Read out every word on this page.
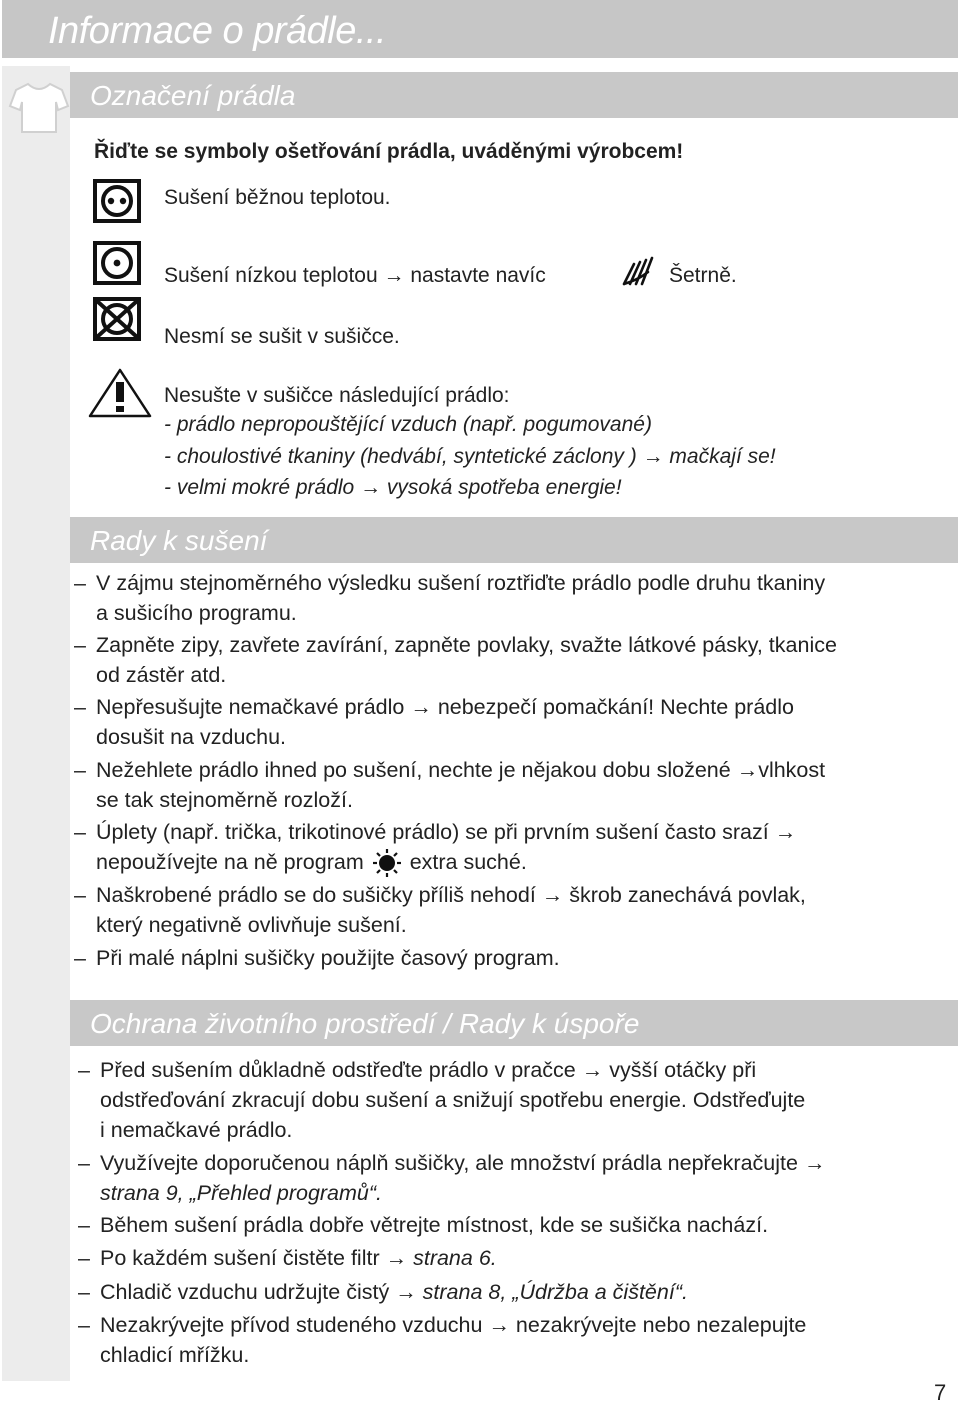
Informace o prádle...
Označení prádla
Řiďte se symboly ošetřování prádla, uváděnými výrobcem!
Sušení běžnou teplotou.
Sušení nízkou teplotou → nastavte navíc	Šetrně.
Nesmí se sušit v sušičce.
Nesušte v sušičce následující prádlo:
- prádlo nepropouštějící vzduch (např. pogumované)
- choulostivé tkaniny (hedvábí, syntetické záclony ) → mačkají se!
- velmi mokré prádlo → vysoká spotřeba energie!
Rady k sušení
– V zájmu stejnoměrného výsledku sušení roztřiďte prádlo podle druhu tkaniny
a sušicího programu.
– Zapněte zipy, zavřete zavírání, zapněte povlaky, svažte látkové pásky, tkanice
od zástěr atd.
– Nepřesušujte nemačkavé prádlo → nebezpečí pomačkání! Nechte prádlo
dosušit na vzduchu.
– Nežehlete prádlo ihned po sušení, nechte je nějakou dobu složené →vlhkost
se tak stejnoměrně rozloží.
– Úplety (např. trička, trikotinové prádlo) se při prvním sušení často srazí →
nepoužívejte na ně program extra suché.
– Naškrobené prádlo se do sušičky příliš nehodí → škrob zanechává povlak,
který negativně ovlivňuje sušení.
– Při malé náplni sušičky použijte časový program.
Ochrana životního prostředí / Rady k úspoře
– Před sušením důkladně odstřeďte prádlo v pračce → vyšší otáčky při
odstřeďování zkracují dobu sušení a snižují spotřebu energie. Odstřeďujte
i nemačkavé prádlo.
– Využívejte doporučenou náplň sušičky, ale množství prádla nepřekračujte →
strana 9, „Přehled programů“.
– Během sušení prádla dobře větrejte místnost, kde se sušička nachází.
– Po každém sušení čistěte filtr → strana 6.
– Chladič vzduchu udržujte čistý → strana 8, „Údržba a čištění“.
– Nezakrývejte přívod studeného vzduchu → nezakrývejte nebo nezalepujte
chladicí mřížku.
7
